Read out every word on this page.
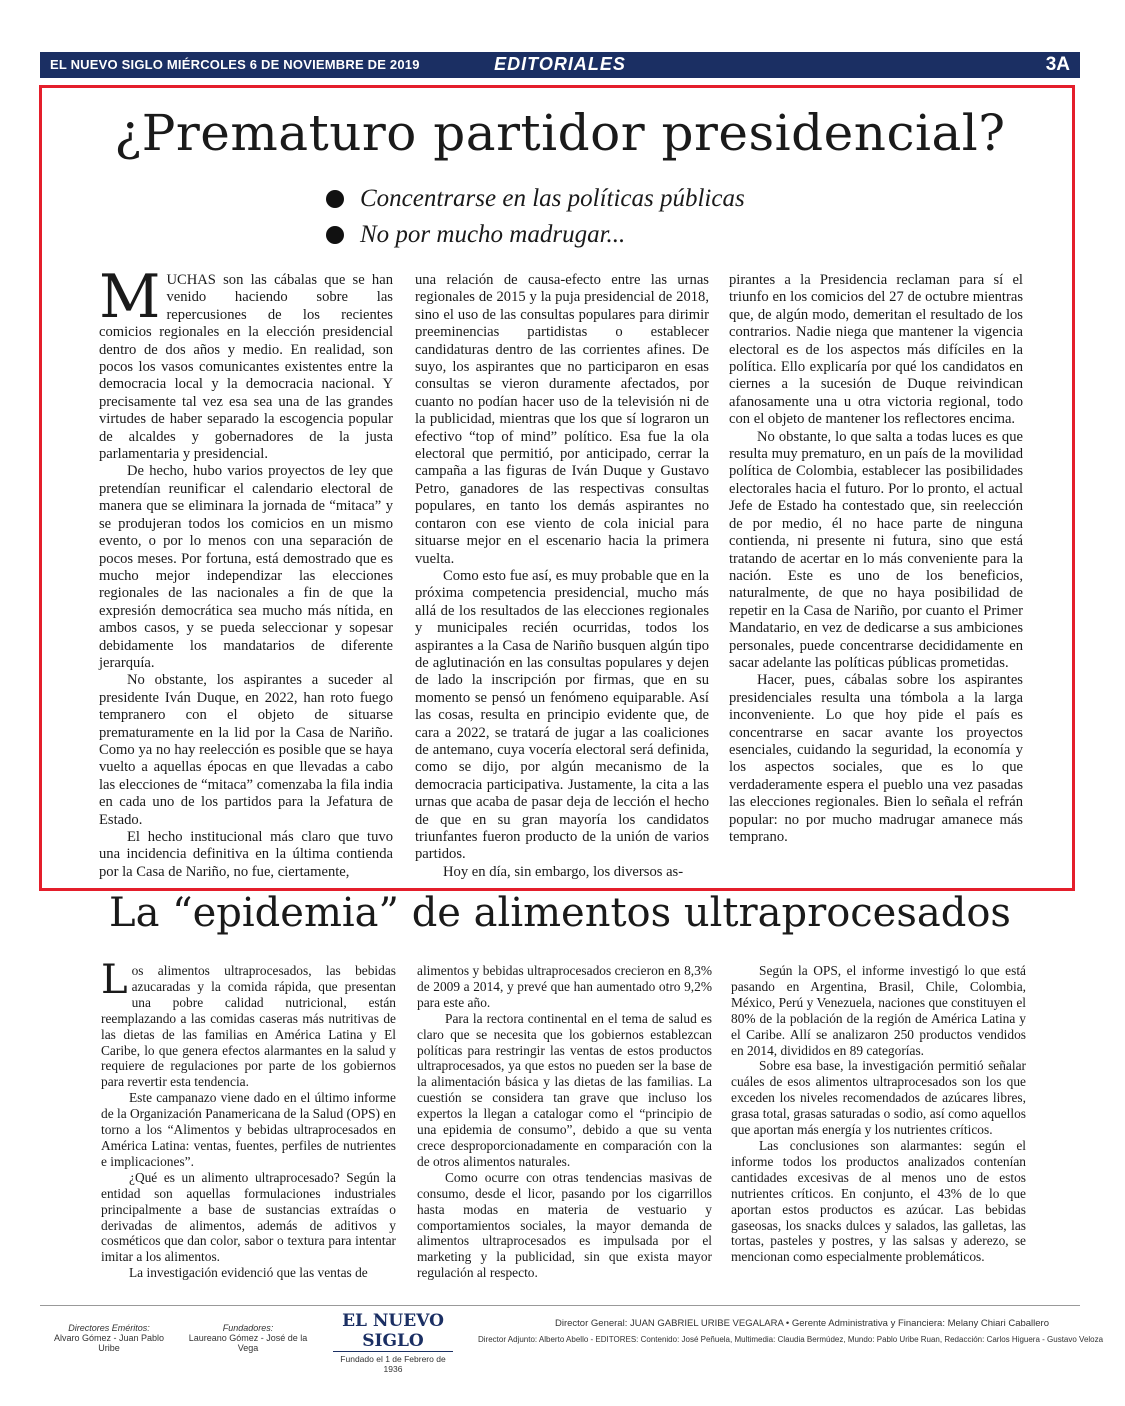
EL NUEVO SIGLO MIÉRCOLES 6 DE NOVIEMBRE DE 2019	EDITORIALES	3A
¿Prematuro partidor presidencial?
Concentrarse en las políticas públicas
No por mucho madrugar...
M UCHAS son las cábalas que se han venido haciendo sobre las repercusiones de los recientes comicios regionales en la elección presidencial dentro de dos años y medio. En realidad, son pocos los vasos comunicantes existentes entre la democracia local y la democracia nacional. Y precisamente tal vez esa sea una de las grandes virtudes de haber separado la escogencia popular de alcaldes y gobernadores de la justa parlamentaria y presidencial.

De hecho, hubo varios proyectos de ley que pretendían reunificar el calendario electoral de manera que se eliminara la jornada de “mitaca” y se produjeran todos los comicios en un mismo evento, o por lo menos con una separación de pocos meses. Por fortuna, está demostrado que es mucho mejor independizar las elecciones regionales de las nacionales a fin de que la expresión democrática sea mucho más nítida, en ambos casos, y se pueda seleccionar y sopesar debidamente los mandatarios de diferente jerarquía.

No obstante, los aspirantes a suceder al presidente Iván Duque, en 2022, han roto fuego tempranero con el objeto de situarse prematuramente en la lid por la Casa de Nariño. Como ya no hay reelección es posible que se haya vuelto a aquellas épocas en que llevadas a cabo las elecciones de “mitaca” comenzaba la fila india en cada uno de los partidos para la Jefatura de Estado.

El hecho institucional más claro que tuvo una incidencia definitiva en la última contienda por la Casa de Nariño, no fue, ciertamente,

una relación de causa-efecto entre las urnas regionales de 2015 y la puja presidencial de 2018, sino el uso de las consultas populares para dirimir preeminencias partidistas o establecer candidaturas dentro de las corrientes afines. De suyo, los aspirantes que no participaron en esas consultas se vieron duramente afectados, por cuanto no podían hacer uso de la televisión ni de la publicidad, mientras que los que sí lograron un efectivo “top of mind” político. Esa fue la ola electoral que permitió, por anticipado, cerrar la campaña a las figuras de Iván Duque y Gustavo Petro, ganadores de las respectivas consultas populares, en tanto los demás aspirantes no contaron con ese viento de cola inicial para situarse mejor en el escenario hacia la primera vuelta.

Como esto fue así, es muy probable que en la próxima competencia presidencial, mucho más allá de los resultados de las elecciones regionales y municipales recién ocurridas, todos los aspirantes a la Casa de Nariño busquen algún tipo de aglutinación en las consultas populares y dejen de lado la inscripción por firmas, que en su momento se pensó un fenómeno equiparable. Así las cosas, resulta en principio evidente que, de cara a 2022, se tratará de jugar a las coaliciones de antemano, cuya vocería electoral será definida, como se dijo, por algún mecanismo de la democracia participativa. Justamente, la cita a las urnas que acaba de pasar deja de lección el hecho de que en su gran mayoría los candidatos triunfantes fueron producto de la unión de varios partidos.

Hoy en día, sin embargo, los diversos as-

pirantes a la Presidencia reclaman para sí el triunfo en los comicios del 27 de octubre mientras que, de algún modo, demeritan el resultado de los contrarios. Nadie niega que mantener la vigencia electoral es de los aspectos más difíciles en la política. Ello explicaría por qué los candidatos en ciernes a la sucesión de Duque reivindican afanosamente una u otra victoria regional, todo con el objeto de mantener los reflectores encima.

No obstante, lo que salta a todas luces es que resulta muy prematuro, en un país de la movilidad política de Colombia, establecer las posibilidades electorales hacia el futuro. Por lo pronto, el actual Jefe de Estado ha contestado que, sin reelección de por medio, él no hace parte de ninguna contienda, ni presente ni futura, sino que está tratando de acertar en lo más conveniente para la nación. Este es uno de los beneficios, naturalmente, de que no haya posibilidad de repetir en la Casa de Nariño, por cuanto el Primer Mandatario, en vez de dedicarse a sus ambiciones personales, puede concentrarse decididamente en sacar adelante las políticas públicas prometidas.

Hacer, pues, cábalas sobre los aspirantes presidenciales resulta una tómbola a la larga inconveniente. Lo que hoy pide el país es concentrarse en sacar avante los proyectos esenciales, cuidando la seguridad, la economía y los aspectos sociales, que es lo que verdaderamente espera el pueblo una vez pasadas las elecciones regionales. Bien lo señala el refrán popular: no por mucho madrugar amanece más temprano.

La “epidemia” de alimentos ultraprocesados
L os alimentos ultraprocesados, las bebidas azucaradas y la comida rápida, que presentan una pobre calidad nutricional, están reemplazando a las comidas caseras más nutritivas de las dietas de las familias en América Latina y El Caribe, lo que genera efectos alarmantes en la salud y requiere de regulaciones por parte de los gobiernos para revertir esta tendencia.

Este campanazo viene dado en el último informe de la Organización Panamericana de la Salud (OPS) en torno a los “Alimentos y bebidas ultraprocesados en América Latina: ventas, fuentes, perfiles de nutrientes e implicaciones”.

¿Qué es un alimento ultraprocesado? Según la entidad son aquellas formulaciones industriales principalmente a base de sustancias extraídas o derivadas de alimentos, además de aditivos y cosméticos que dan color, sabor o textura para intentar imitar a los alimentos.

La investigación evidenció que las ventas de

alimentos y bebidas ultraprocesados crecieron en 8,3% de 2009 a 2014, y prevé que han aumentado otro 9,2% para este año.

Para la rectora continental en el tema de salud es claro que se necesita que los gobiernos establezcan políticas para restringir las ventas de estos productos ultraprocesados, ya que estos no pueden ser la base de la alimentación básica y las dietas de las familias. La cuestión se considera tan grave que incluso los expertos la llegan a catalogar como el “principio de una epidemia de consumo”, debido a que su venta crece desproporcionadamente en comparación con la de otros alimentos naturales.

Como ocurre con otras tendencias masivas de consumo, desde el licor, pasando por los cigarrillos hasta modas en materia de vestuario y comportamientos sociales, la mayor demanda de alimentos ultraprocesados es impulsada por el marketing y la publicidad, sin que exista mayor regulación al respecto.

Según la OPS, el informe investigó lo que está pasando en Argentina, Brasil, Chile, Colombia, México, Perú y Venezuela, naciones que constituyen el 80% de la población de la región de América Latina y el Caribe. Allí se analizaron 250 productos vendidos en 2014, divididos en 89 categorías.

Sobre esa base, la investigación permitió señalar cuáles de esos alimentos ultraprocesados son los que exceden los niveles recomendados de azúcares libres, grasa total, grasas saturadas o sodio, así como aquellos que aportan más energía y los nutrientes críticos.

Las conclusiones son alarmantes: según el informe todos los productos analizados contenían cantidades excesivas de al menos uno de estos nutrientes críticos. En conjunto, el 43% de lo que aportan estos productos es azúcar. Las bebidas gaseosas, los snacks dulces y salados, las galletas, las tortas, pasteles y postres, y las salsas y aderezo, se mencionan como especialmente problemáticos.

Directores Eméritos:
Alvaro Gómez - Juan Pablo Uribe
Fundadores:
Laureano Gómez - José de la Vega
EL NUEVO SIGLO
Fundado el 1 de Febrero de 1936
Director General: JUAN GABRIEL URIBE VEGALARA • Gerente Administrativa y Financiera: Melany Chiari Caballero
Director Adjunto: Alberto Abello - EDITORES: Contenido: José Peñuela, Multimedia: Claudia Bermúdez, Mundo: Pablo Uribe Ruan, Redacción: Carlos Higuera - Gustavo Veloza
